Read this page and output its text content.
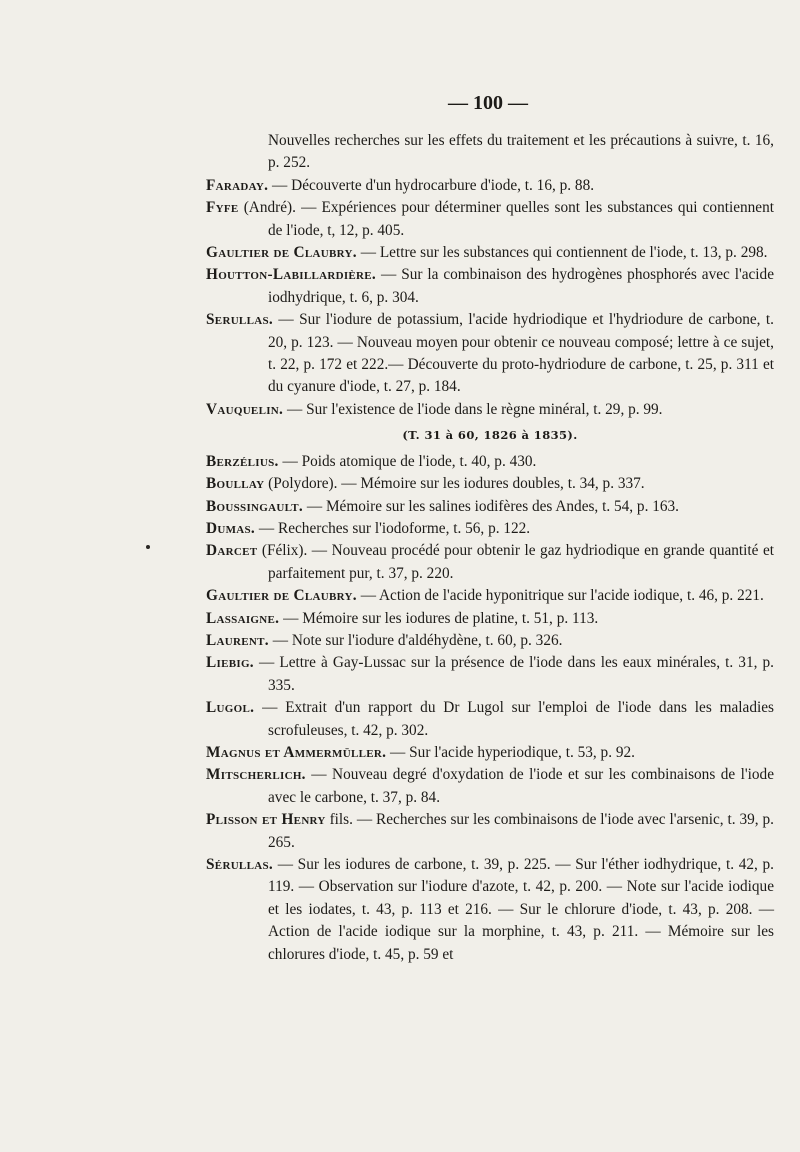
— 100 —

Nouvelles recherches sur les effets du traitement et les précautions à suivre, t. 16, p. 252.

Faraday. — Découverte d'un hydrocarbure d'iode, t. 16, p. 88.

Fyfe (André). — Expériences pour déterminer quelles sont les substances qui contiennent de l'iode, t, 12, p. 405.

Gaultier de Claubry. — Lettre sur les substances qui contiennent de l'iode, t. 13, p. 298.

Houtton-Labillardière. — Sur la combinaison des hydrogènes phosphorés avec l'acide iodhydrique, t. 6, p. 304.

Serullas. — Sur l'iodure de potassium, l'acide hydriodique et l'hydriodure de carbone, t. 20, p. 123. — Nouveau moyen pour obtenir ce nouveau composé; lettre à ce sujet, t. 22, p. 172 et 222.— Découverte du proto-hydriodure de carbone, t. 25, p. 311 et du cyanure d'iode, t. 27, p. 184.

Vauquelin. — Sur l'existence de l'iode dans le règne minéral, t. 29, p. 99.

(T. 31 à 60, 1826 à 1835).

Berzélius. — Poids atomique de l'iode, t. 40, p. 430.

Boullay (Polydore). — Mémoire sur les iodures doubles, t. 34, p. 337.

Boussingault. — Mémoire sur les salines iodifères des Andes, t. 54, p. 163.

Dumas. — Recherches sur l'iodoforme, t. 56, p. 122.

Darcet (Félix). — Nouveau procédé pour obtenir le gaz hydriodique en grande quantité et parfaitement pur, t. 37, p. 220.

Gaultier de Claubry. — Action de l'acide hyponitrique sur l'acide iodique, t. 46, p. 221.

Lassaigne. — Mémoire sur les iodures de platine, t. 51, p. 113.

Laurent. — Note sur l'iodure d'aldéhydène, t. 60, p. 326.

Liebig. — Lettre à Gay-Lussac sur la présence de l'iode dans les eaux minérales, t. 31, p. 335.

Lugol. — Extrait d'un rapport du Dr Lugol sur l'emploi de l'iode dans les maladies scrofuleuses, t. 42, p. 302.

Magnus et Ammermüller. — Sur l'acide hyperiodique, t. 53, p. 92.

Mitscherlich. — Nouveau degré d'oxydation de l'iode et sur les combinaisons de l'iode avec le carbone, t. 37, p. 84.

Plisson et Henry fils. — Recherches sur les combinaisons de l'iode avec l'arsenic, t. 39, p. 265.

Sérullas. — Sur les iodures de carbone, t. 39, p. 225. — Sur l'éther iodhydrique, t. 42, p. 119. — Observation sur l'iodure d'azote, t. 42, p. 200. — Note sur l'acide iodique et les iodates, t. 43, p. 113 et 216. — Sur le chlorure d'iode, t. 43, p. 208. — Action de l'acide iodique sur la morphine, t. 43, p. 211. — Mémoire sur les chlorures d'iode, t. 45, p. 59 et
